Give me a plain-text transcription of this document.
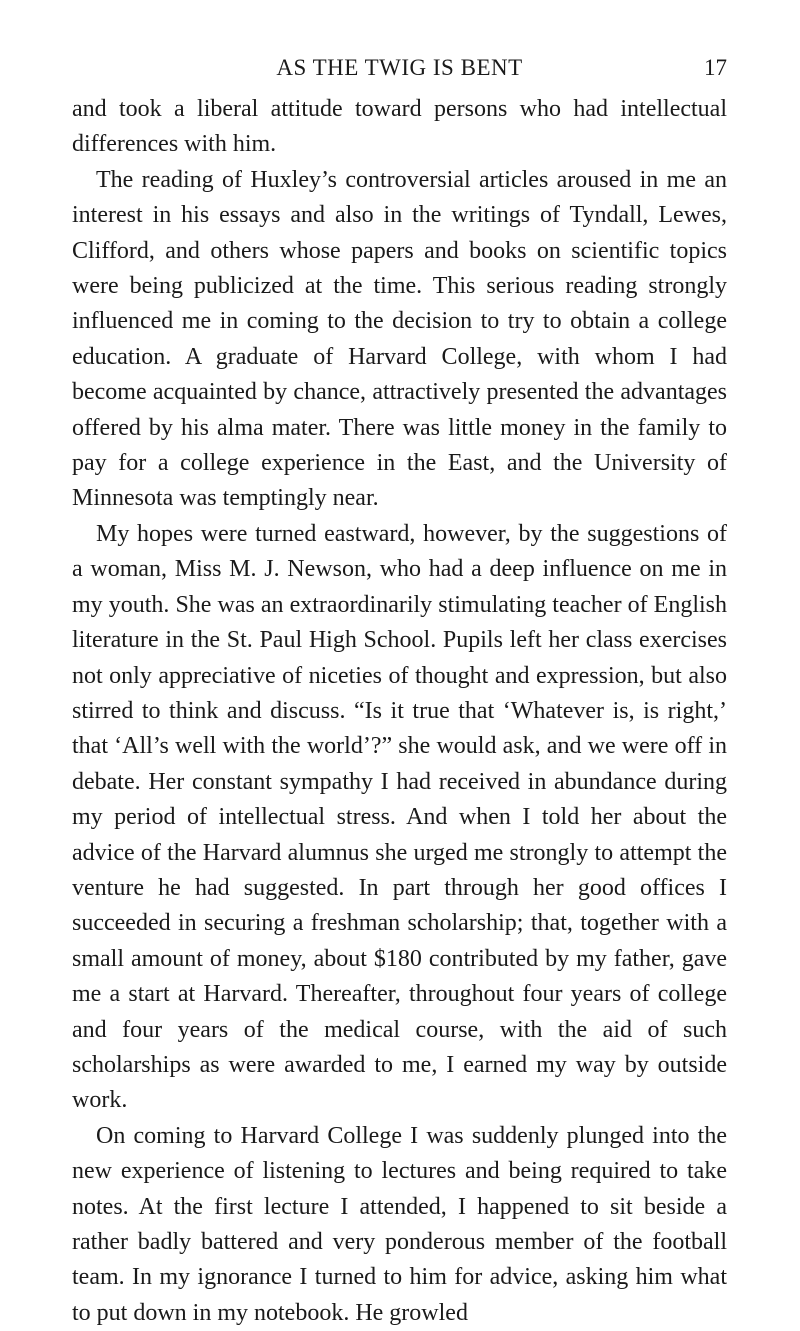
AS THE TWIG IS BENT	17

and took a liberal attitude toward persons who had intellectual differences with him.

The reading of Huxley’s controversial articles aroused in me an interest in his essays and also in the writings of Tyndall, Lewes, Clifford, and others whose papers and books on scientific topics were being publicized at the time. This serious reading strongly influenced me in coming to the decision to try to obtain a college education. A graduate of Harvard College, with whom I had become acquainted by chance, attractively presented the advantages offered by his alma mater. There was little money in the family to pay for a college experience in the East, and the University of Minnesota was temptingly near.

My hopes were turned eastward, however, by the suggestions of a woman, Miss M. J. Newson, who had a deep influence on me in my youth. She was an extraordinarily stimulating teacher of English literature in the St. Paul High School. Pupils left her class exercises not only appreciative of niceties of thought and expression, but also stirred to think and discuss. “Is it true that ‘Whatever is, is right,’ that ‘All’s well with the world’?” she would ask, and we were off in debate. Her constant sympathy I had received in abundance during my period of intellectual stress. And when I told her about the advice of the Harvard alumnus she urged me strongly to attempt the venture he had suggested. In part through her good offices I succeeded in securing a freshman scholarship; that, together with a small amount of money, about $180 contributed by my father, gave me a start at Harvard. Thereafter, throughout four years of college and four years of the medical course, with the aid of such scholarships as were awarded to me, I earned my way by outside work.

On coming to Harvard College I was suddenly plunged into the new experience of listening to lectures and being required to take notes. At the first lecture I attended, I happened to sit beside a rather badly battered and very ponderous member of the football team. In my ignorance I turned to him for advice, asking him what to put down in my notebook. He growled
